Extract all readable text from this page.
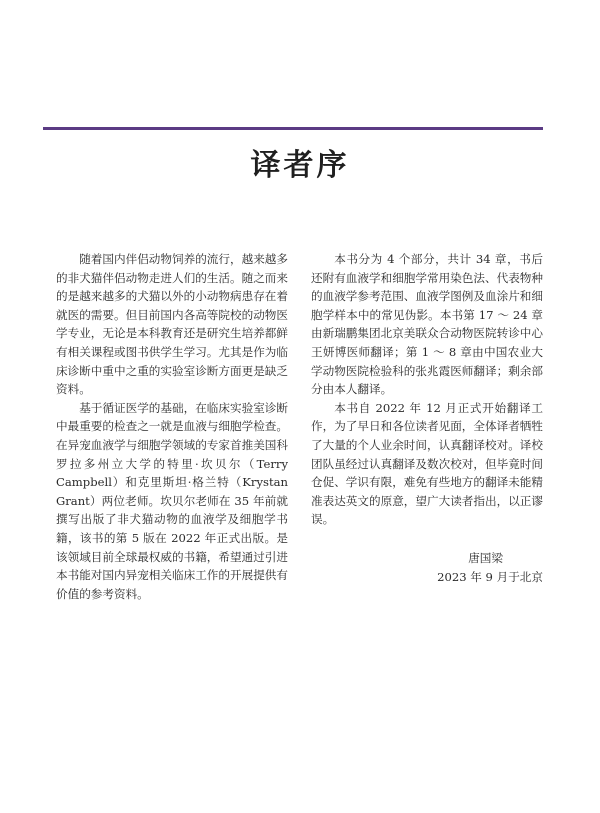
译者序

随着国内伴侣动物饲养的流行，越来越多的非犬猫伴侣动物走进人们的生活。随之而来的是越来越多的犬猫以外的小动物病患存在着就医的需要。但目前国内各高等院校的动物医学专业，无论是本科教育还是研究生培养都鲜有相关课程或图书供学生学习。尤其是作为临床诊断中重中之重的实验室诊断方面更是缺乏资料。

基于循证医学的基础，在临床实验室诊断中最重要的检查之一就是血液与细胞学检查。在异宠血液学与细胞学领域的专家首推美国科罗拉多州立大学的特里·坎贝尔（Terry Campbell）和克里斯坦·格兰特（Krystan Grant）两位老师。坎贝尔老师在 35 年前就撰写出版了非犬猫动物的血液学及细胞学书籍，该书的第 5 版在 2022 年正式出版。是该领域目前全球最权威的书籍，希望通过引进本书能对国内异宠相关临床工作的开展提供有价值的参考资料。

本书分为 4 个部分，共计 34 章，书后还附有血液学和细胞学常用染色法、代表物种的血液学参考范围、血液学图例及血涂片和细胞学样本中的常见伪影。本书第 17 ～ 24 章由新瑞鹏集团北京美联众合动物医院转诊中心王妍博医师翻译；第 1 ～ 8 章由中国农业大学动物医院检验科的张兆霞医师翻译；剩余部分由本人翻译。

本书自 2022 年 12 月正式开始翻译工作，为了早日和各位读者见面，全体译者牺牲了大量的个人业余时间，认真翻译校对。译校团队虽经过认真翻译及数次校对，但毕竟时间仓促、学识有限，难免有些地方的翻译未能精准表达英文的原意，望广大读者指出，以正谬误。

唐国梁

2023 年 9 月于北京
